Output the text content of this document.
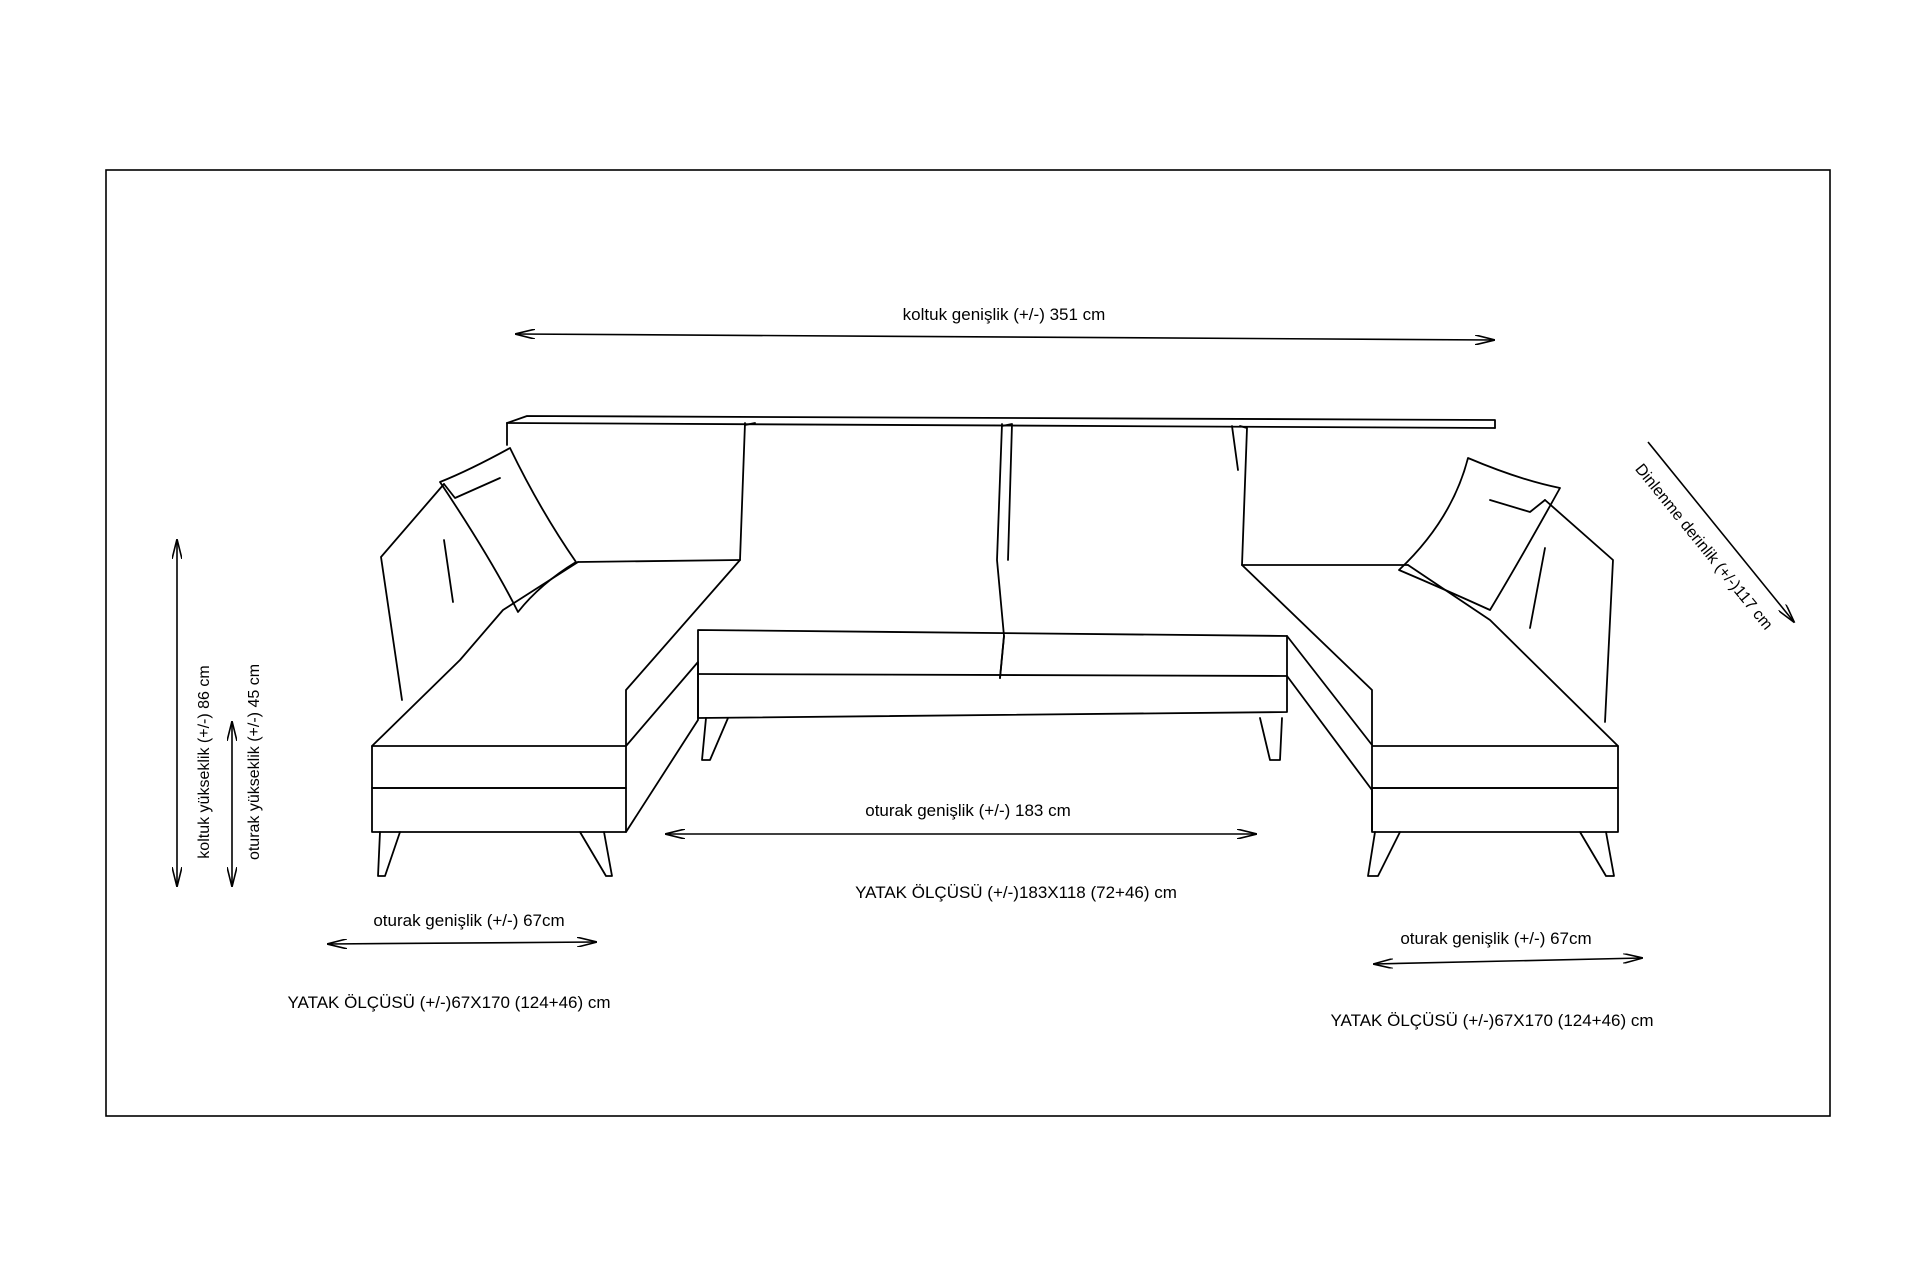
koltuk genişlik (+/-) 351 cm
koltuk yükseklik (+/-) 86 cm oturak yükseklik (+/-) 45 cm
Dinlenme derinlik (+/-)117 cm
oturak genişlik (+/-) 183 cm
YATAK ÖLÇÜSÜ (+/-)183X118 (72+46) cm
oturak genişlik (+/-) 67cm
YATAK ÖLÇÜSÜ (+/-)67X170 (124+46) cm
oturak genişlik (+/-) 67cm
YATAK ÖLÇÜSÜ (+/-)67X170 (124+46) cm
